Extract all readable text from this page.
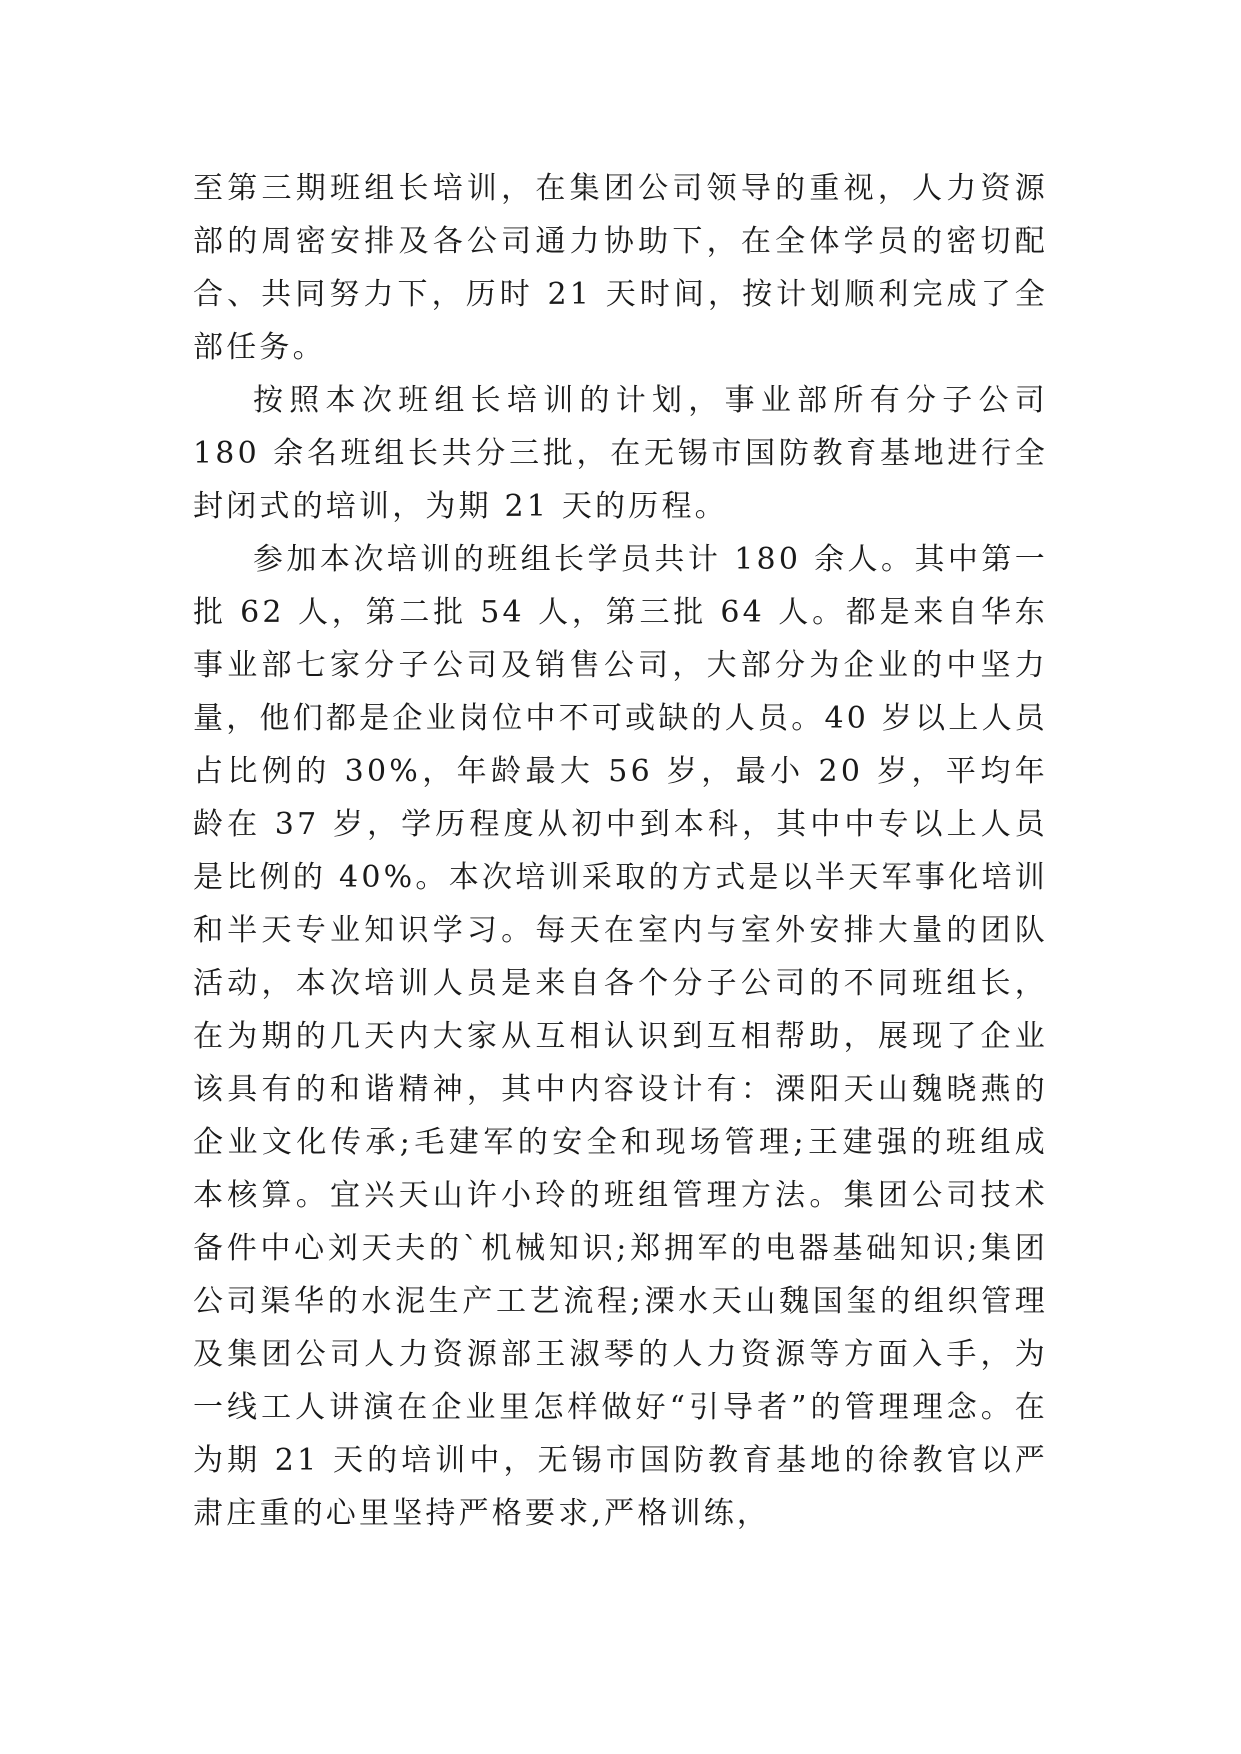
至第三期班组长培训，在集团公司领导的重视，人力资源部的周密安排及各公司通力协助下，在全体学员的密切配合、共同努力下，历时 21 天时间，按计划顺利完成了全部任务。

按照本次班组长培训的计划，事业部所有分子公司 180 余名班组长共分三批，在无锡市国防教育基地进行全封闭式的培训，为期 21 天的历程。

参加本次培训的班组长学员共计 180 余人。其中第一批 62 人，第二批 54 人，第三批 64 人。都是来自华东事业部七家分子公司及销售公司，大部分为企业的中坚力量，他们都是企业岗位中不可或缺的人员。40 岁以上人员占比例的 30%，年龄最大 56 岁，最小 20 岁，平均年龄在 37 岁，学历程度从初中到本科，其中中专以上人员是比例的 40%。本次培训采取的方式是以半天军事化培训和半天专业知识学习。每天在室内与室外安排大量的团队活动，本次培训人员是来自各个分子公司的不同班组长，在为期的几天内大家从互相认识到互相帮助，展现了企业该具有的和谐精神，其中内容设计有：溧阳天山魏晓燕的企业文化传承;毛建军的安全和现场管理;王建强的班组成本核算。宜兴天山许小玲的班组管理方法。集团公司技术备件中心刘天夫的`机械知识;郑拥军的电器基础知识;集团公司渠华的水泥生产工艺流程;溧水天山魏国玺的组织管理及集团公司人力资源部王淑琴的人力资源等方面入手，为一线工人讲演在企业里怎样做好“引导者”的管理理念。在为期 21 天的培训中，无锡市国防教育基地的徐教官以严肃庄重的心里坚持严格要求,严格训练，
